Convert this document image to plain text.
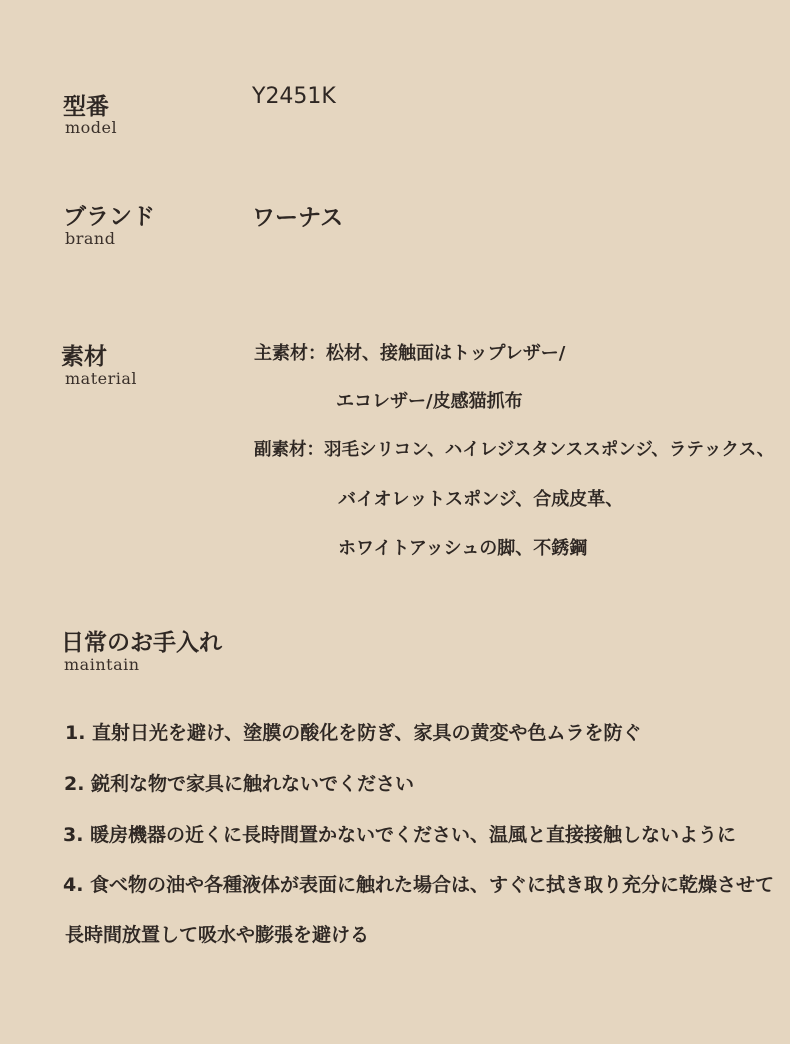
型番
model
Y2451K
ブランド
brand
ワーナス
素材
material
主素材：松材、接触面はトップレザー/
エコレザー/皮感猫抓布
副素材：羽毛シリコン、ハイレジスタンススポンジ、ラテックス、
バイオレットスポンジ、合成皮革、
ホワイトアッシュの脚、不銹鋼
日常のお手入れ
maintain
1. 直射日光を避け、塗膜の酸化を防ぎ、家具の黄変や色ムラを防ぐ
2. 鋭利な物で家具に触れないでください
3. 暖房機器の近くに長時間置かないでください、温風と直接接触しないように
4. 食べ物の油や各種液体が表面に触れた場合は、すぐに拭き取り充分に乾燥させて
長時間放置して吸水や膨張を避ける
